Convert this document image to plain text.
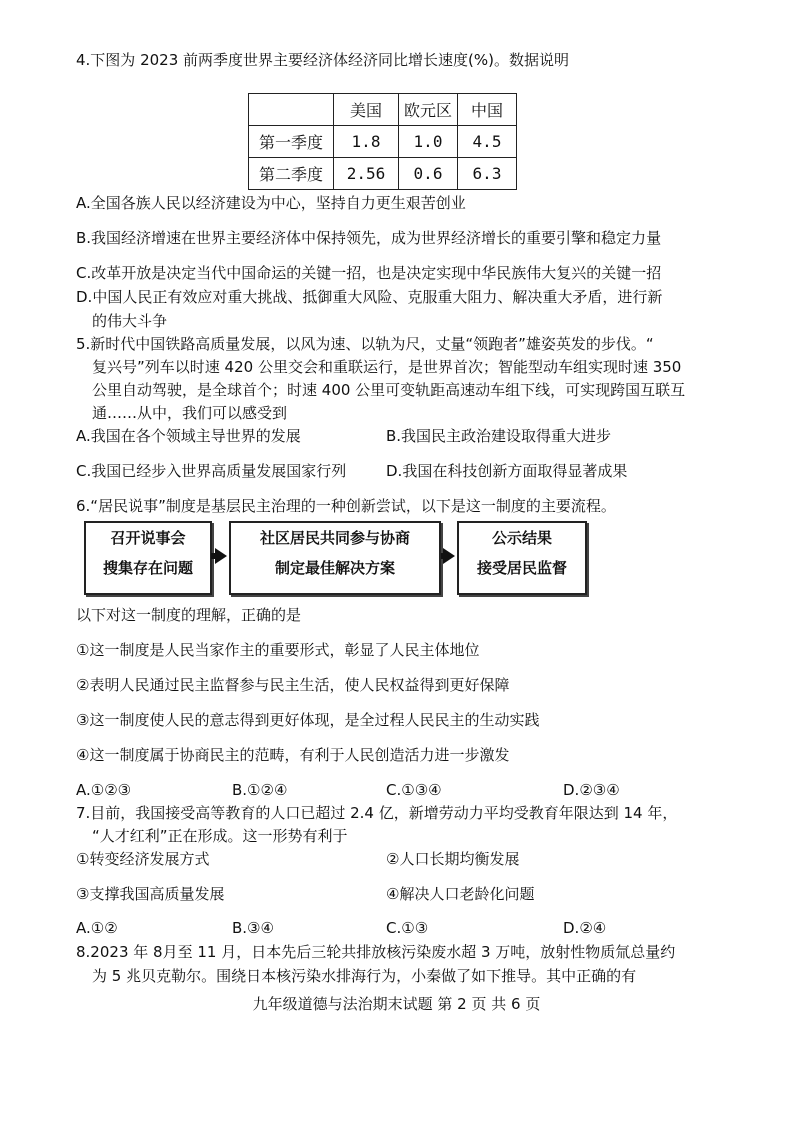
4.下图为 2023 前两季度世界主要经济体经济同比增长速度(%)。数据说明
	美国	欧元区	中国
第一季度	1.8	1.0	4.5
第二季度	2.56	0.6	6.3
A.全国各族人民以经济建设为中心，坚持自力更生艰苦创业
B.我国经济增速在世界主要经济体中保持领先，成为世界经济增长的重要引擎和稳定力量
C.改革开放是决定当代中国命运的关键一招，也是决定实现中华民族伟大复兴的关键一招
D.中国人民正有效应对重大挑战、抵御重大风险、克服重大阻力、解决重大矛盾，进行新
的伟大斗争
5.新时代中国铁路高质量发展，以风为速、以轨为尺，丈量“领跑者”雄姿英发的步伐。“
复兴号”列车以时速 420 公里交会和重联运行，是世界首次；智能型动车组实现时速 350
公里自动驾驶，是全球首个；时速 400 公里可变轨距高速动车组下线，可实现跨国互联互
通……从中，我们可以感受到
A.我国在各个领域主导世界的发展	B.我国民主政治建设取得重大进步
C.我国已经步入世界高质量发展国家行列	D.我国在科技创新方面取得显著成果
6.“居民说事”制度是基层民主治理的一种创新尝试，以下是这一制度的主要流程。
召开说事会
搜集存在问题
社区居民共同参与协商
制定最佳解决方案
公示结果
接受居民监督
以下对这一制度的理解，正确的是
①这一制度是人民当家作主的重要形式，彰显了人民主体地位
②表明人民通过民主监督参与民主生活，使人民权益得到更好保障
③这一制度使人民的意志得到更好体现，是全过程人民民主的生动实践
④这一制度属于协商民主的范畴，有利于人民创造活力进一步激发
A.①②③	B.①②④	C.①③④	D.②③④
7.目前，我国接受高等教育的人口已超过 2.4 亿，新增劳动力平均受教育年限达到 14 年，
“人才红利”正在形成。这一形势有利于
①转变经济发展方式	②人口长期均衡发展
③支撑我国高质量发展	④解决人口老龄化问题
A.①②	B.③④	C.①③	D.②④
8.2023 年 8月至 11 月，日本先后三轮共排放核污染废水超 3 万吨，放射性物质氚总量约
为 5 兆贝克勒尔。围绕日本核污染水排海行为，小秦做了如下推导。其中正确的有
九年级道德与法治期末试题 第 2 页 共 6 页
